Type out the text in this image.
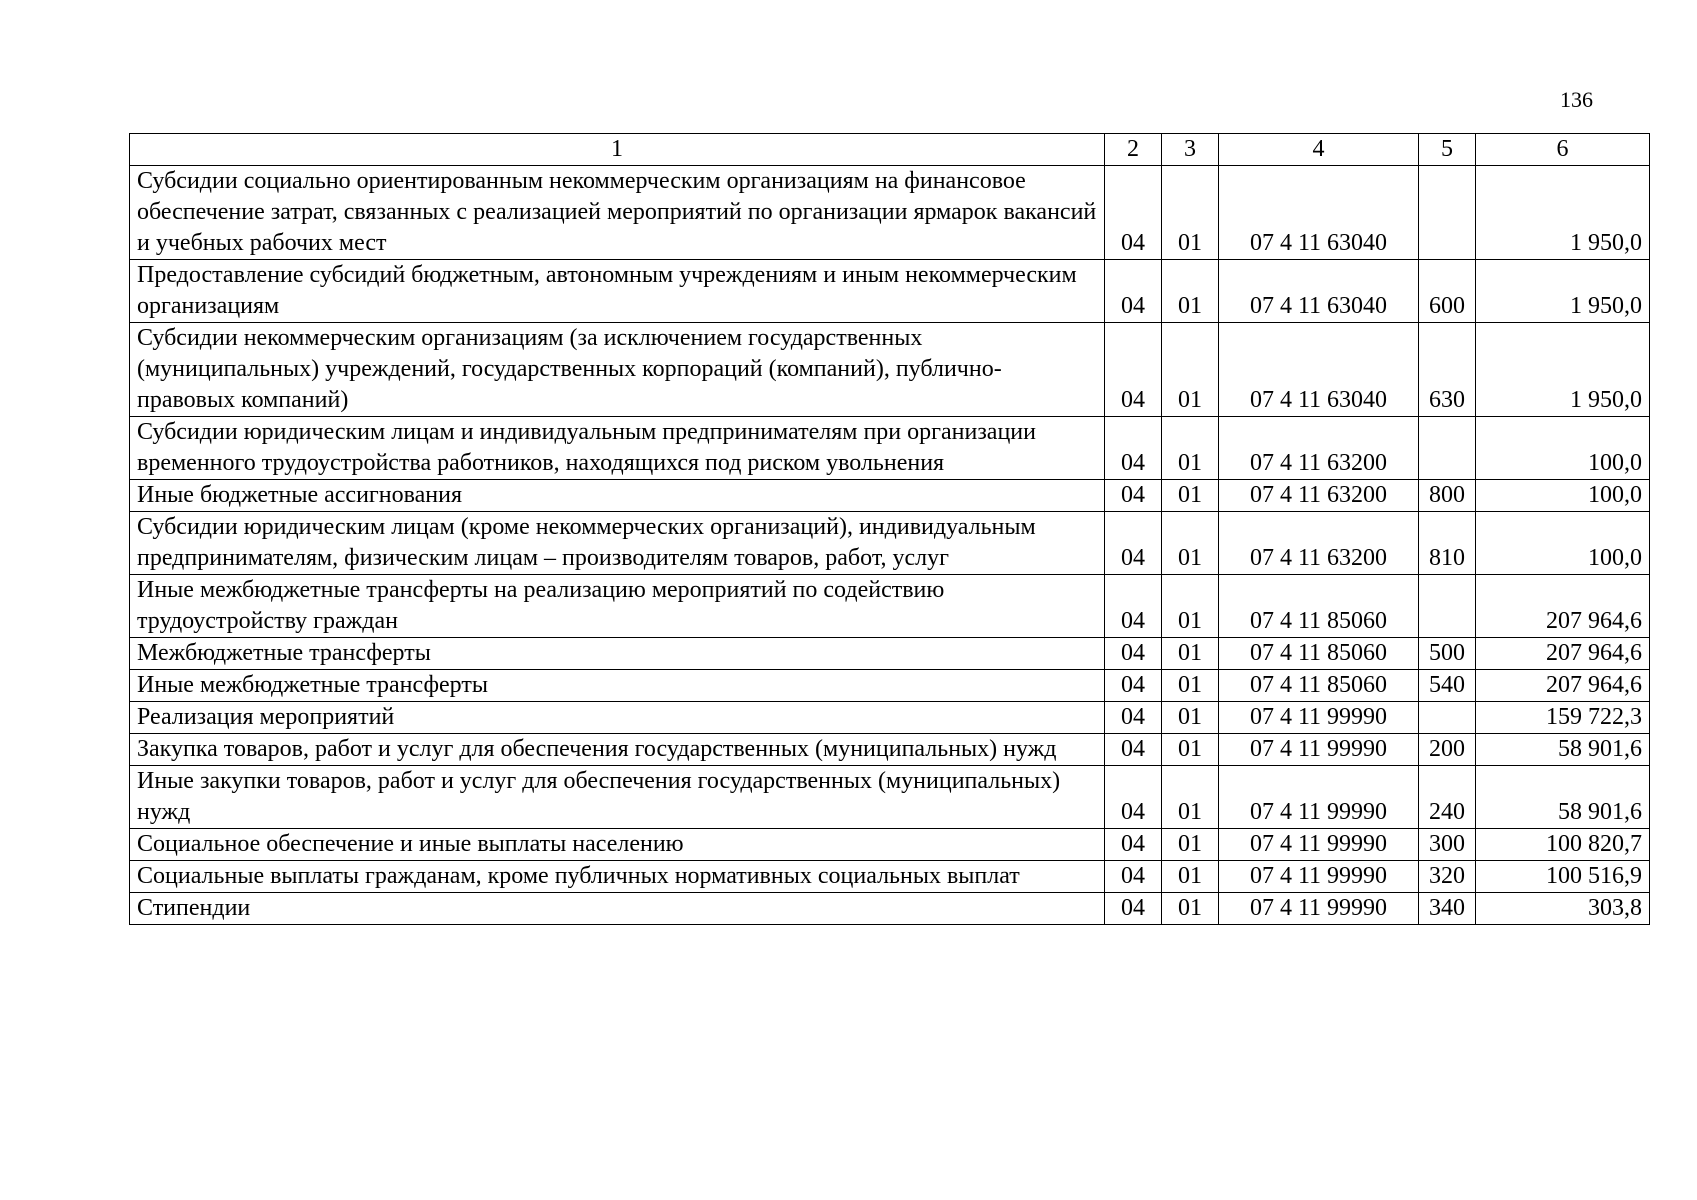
136
1	2	3	4	5	6
Субсидии социально ориентированным некоммерческим организациям на финансовое обеспечение затрат, связанных с реализацией мероприятий по организации ярмарок вакансий и учебных рабочих мест	04	01	07 4 11 63040		1 950,0
Предоставление субсидий бюджетным, автономным учреждениям и иным некоммерческим организациям	04	01	07 4 11 63040	600	1 950,0
Субсидии некоммерческим организациям (за исключением государственных (муниципальных) учреждений, государственных корпораций (компаний), публично-правовых компаний)	04	01	07 4 11 63040	630	1 950,0
Субсидии юридическим лицам и индивидуальным предпринимателям при организации временного трудоустройства работников, находящихся под риском увольнения	04	01	07 4 11 63200		100,0
Иные бюджетные ассигнования	04	01	07 4 11 63200	800	100,0
Субсидии юридическим лицам (кроме некоммерческих организаций), индивидуальным предпринимателям, физическим лицам – производителям товаров, работ, услуг	04	01	07 4 11 63200	810	100,0
Иные межбюджетные трансферты на реализацию мероприятий по содействию трудоустройству граждан	04	01	07 4 11 85060		207 964,6
Межбюджетные трансферты	04	01	07 4 11 85060	500	207 964,6
Иные межбюджетные трансферты	04	01	07 4 11 85060	540	207 964,6
Реализация мероприятий	04	01	07 4 11 99990		159 722,3
Закупка товаров, работ и услуг для обеспечения государственных (муниципальных) нужд	04	01	07 4 11 99990	200	58 901,6
Иные закупки товаров, работ и услуг для обеспечения государственных (муниципальных) нужд	04	01	07 4 11 99990	240	58 901,6
Социальное обеспечение и иные выплаты населению	04	01	07 4 11 99990	300	100 820,7
Социальные выплаты гражданам, кроме публичных нормативных социальных выплат	04	01	07 4 11 99990	320	100 516,9
Стипендии	04	01	07 4 11 99990	340	303,8
